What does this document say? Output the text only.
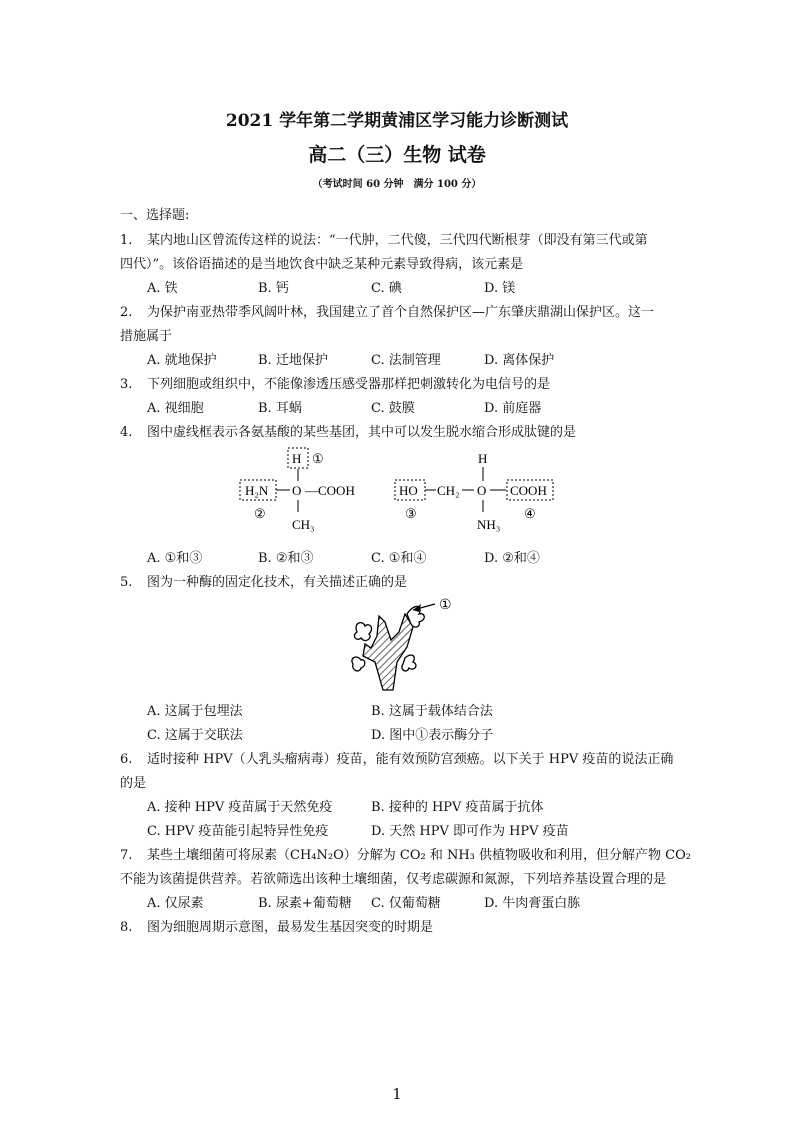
2021 学年第二学期黄浦区学习能力诊断测试
高二（三）生物 试卷
（考试时间 60 分钟　满分 100 分）
一、选择题:
1. 某内地山区曾流传这样的说法：“一代肿，二代傻，三代四代断根芽（即没有第三代或第
四代）”。该俗语描述的是当地饮食中缺乏某种元素导致得病，该元素是
A. 铁	B. 钙	C. 碘	D. 镁
2. 为保护南亚热带季风阔叶林，我国建立了首个自然保护区—广东肇庆鼎湖山保护区。这一
措施属于
A. 就地保护	B. 迁地保护	C. 法制管理	D. 离体保护
3. 下列细胞或组织中，不能像渗透压感受器那样把刺激转化为电信号的是
A. 视细胞	B. 耳蜗	C. 鼓膜	D. 前庭器
4. 图中虚线框表示各氨基酸的某些基团，其中可以发生脱水缩合形成肽键的是
H ①
H₂N O —COOH
②
CH₃
H
HO CH₂ O COOH
③	④
NH₃
A. ①和③	B. ②和③	C. ①和④	D. ②和④
5. 图为一种酶的固定化技术，有关描述正确的是
①
A. 这属于包埋法	B. 这属于载体结合法
C. 这属于交联法	D. 图中①表示酶分子
6. 适时接种 HPV（人乳头瘤病毒）疫苗，能有效预防宫颈癌。以下关于 HPV 疫苗的说法正确
的是
A. 接种 HPV 疫苗属于天然免疫	B. 接种的 HPV 疫苗属于抗体
C. HPV 疫苗能引起特异性免疫	D. 天然 HPV 即可作为 HPV 疫苗
7. 某些土壤细菌可将尿素（CH₄N₂O）分解为 CO₂ 和 NH₃ 供植物吸收和利用，但分解产物 CO₂
不能为该菌提供营养。若欲筛选出该种土壤细菌，仅考虑碳源和氮源，下列培养基设置合理的是
A. 仅尿素	B. 尿素+葡萄糖 C. 仅葡萄糖	D. 牛肉膏蛋白胨
8. 图为细胞周期示意图，最易发生基因突变的时期是
1
